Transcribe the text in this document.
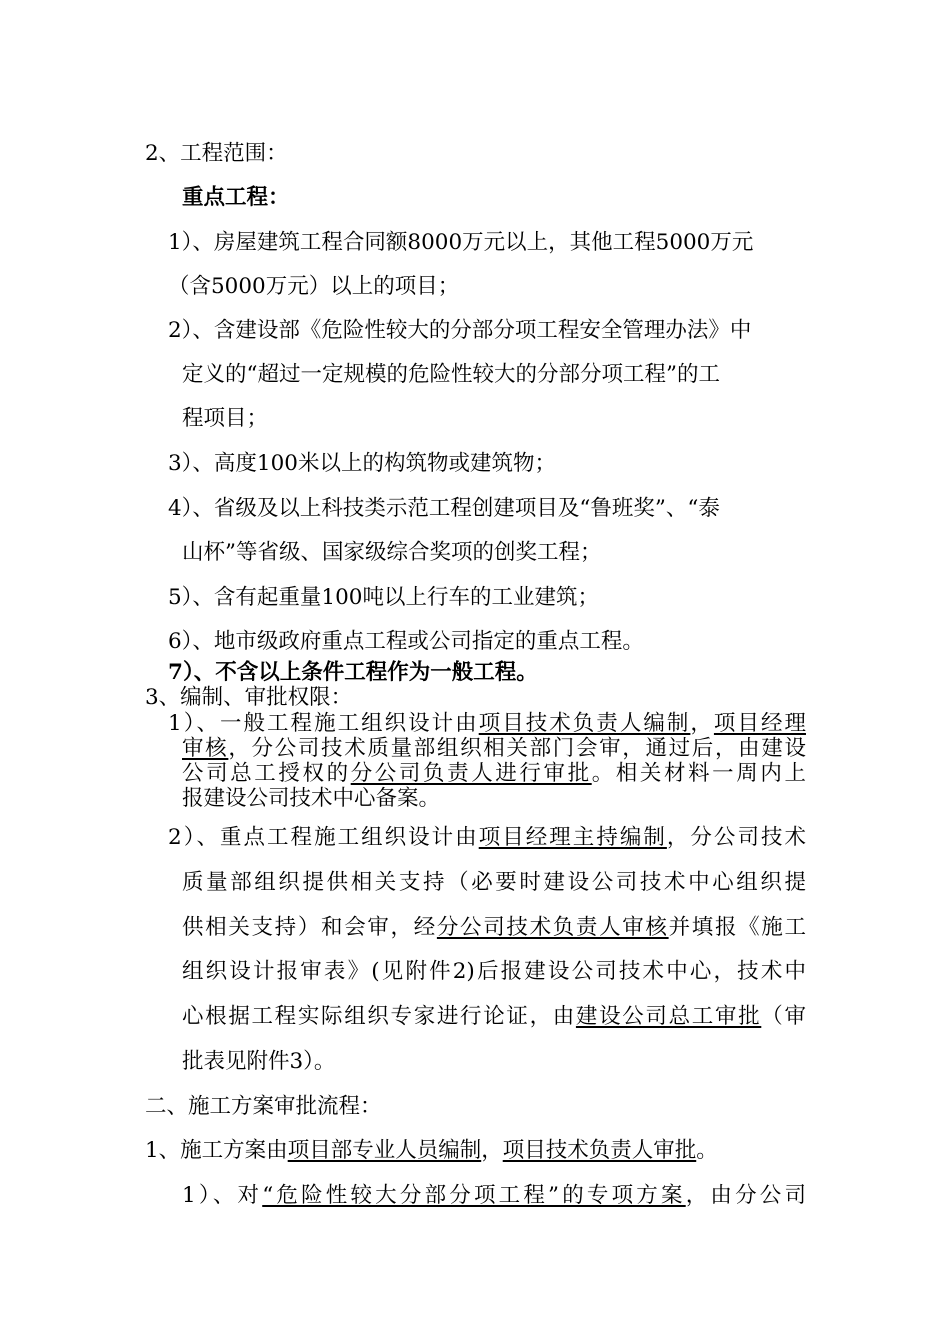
2、工程范围：
重点工程：
1）、房屋建筑工程合同额8000万元以上，其他工程5000万元
（含5000万元）以上的项目；
2）、含建设部《危险性较大的分部分项工程安全管理办法》中
定义的“超过一定规模的危险性较大的分部分项工程”的工
程项目；
3）、高度100米以上的构筑物或建筑物；
4）、省级及以上科技类示范工程创建项目及“鲁班奖”、“泰
山杯”等省级、国家级综合奖项的创奖工程；
5）、含有起重量100吨以上行车的工业建筑；
6）、地市级政府重点工程或公司指定的重点工程。
7）、不含以上条件工程作为一般工程。
3、编制、审批权限：
1）、一般工程施工组织设计由项目技术负责人编制，项目经理
审核，分公司技术质量部组织相关部门会审，通过后，由建设
公司总工授权的分公司负责人进行审批。相关材料一周内上
报建设公司技术中心备案。
2）、重点工程施工组织设计由项目经理主持编制，分公司技术
质量部组织提供相关支持（必要时建设公司技术中心组织提
供相关支持）和会审，经分公司技术负责人审核并填报《施工
组织设计报审表》(见附件2)后报建设公司技术中心，技术中
心根据工程实际组织专家进行论证，由建设公司总工审批（审
批表见附件3）。
二、施工方案审批流程：
1、施工方案由项目部专业人员编制，项目技术负责人审批。
1）、对“危险性较大分部分项工程”的专项方案，由分公司
